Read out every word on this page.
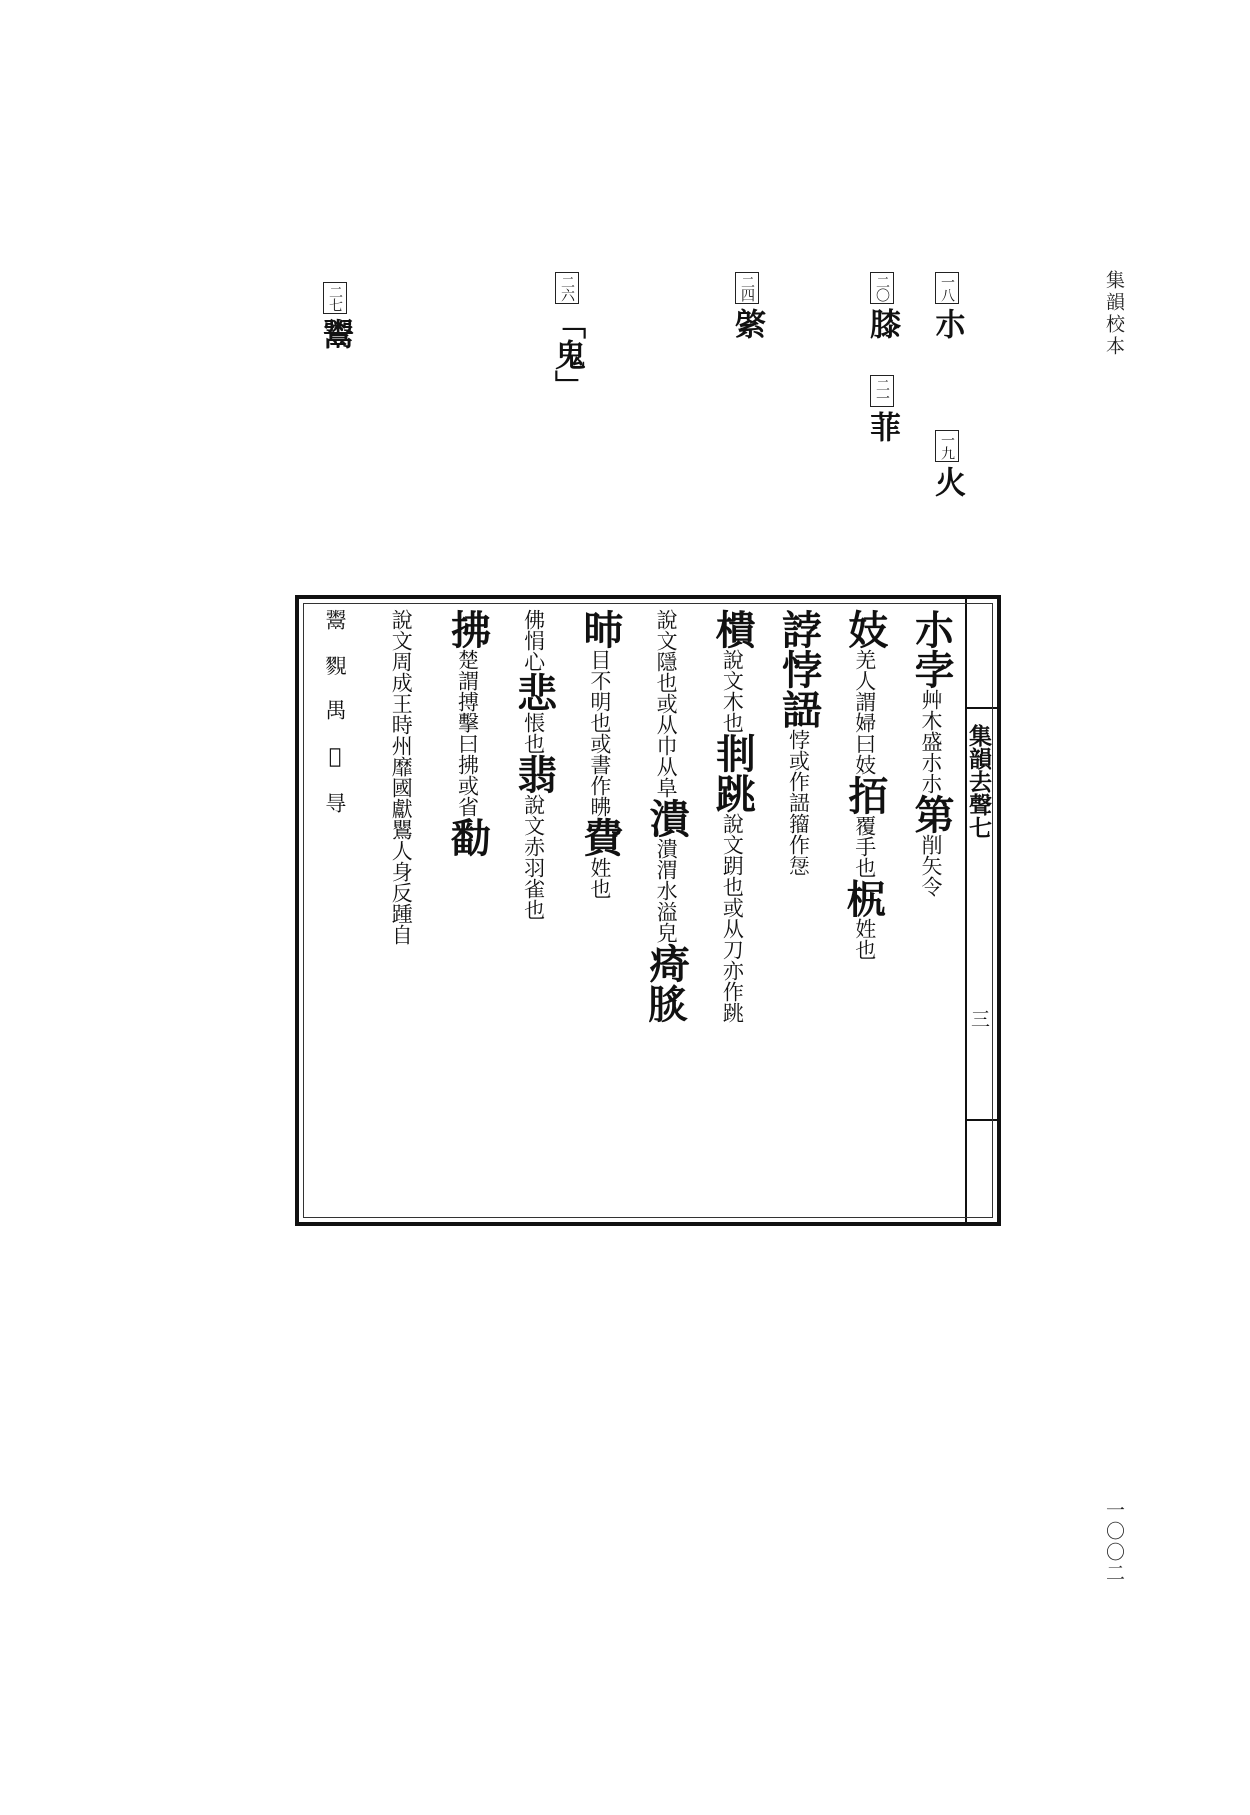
集韻校本
一〇〇二
一八朩
一九火
二〇膝
二一菲
二四綮
二六「鬼」
二七鬻
集韻去聲七
三
朩孛艸木盛朩朩第削矢令
妓羌人謂婦曰妓𢫦覆手也𣐊姓也
誖悖䛝悖或作䛝籀作𢙽
樻說文木也剕跳說文跀也或从刀亦作跳
說文隱也或从巾从阜潰潰渭水溢皃㾨𦜡
昁目不明也或書作昲費姓也
佛悁心悲悵也翡說文赤羽雀也
拂楚謂搏擊曰拂或省勫
說文周成王時州靡國獻鸎人身反踵自
鬻 𧢋 禺 𩨇 㝵
